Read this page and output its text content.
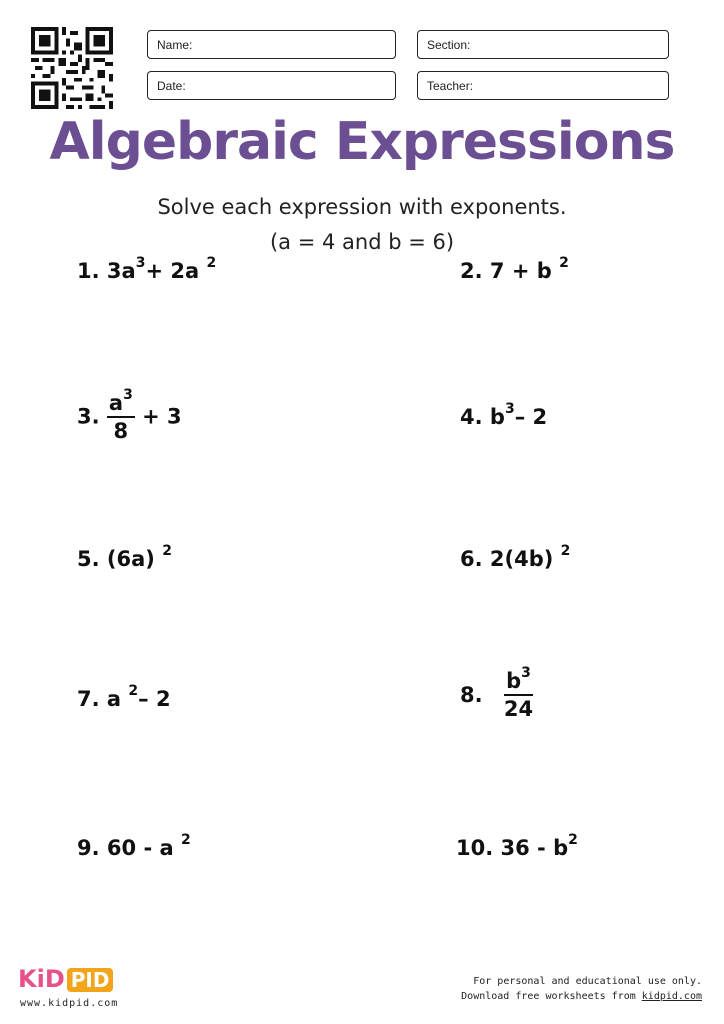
Name:	Section:
Date:	Teacher:
Algebraic Expressions
Solve each expression with exponents.
(a = 4 and b = 6)
1. $3a^3+ 2a$ $^2$	2. 7 + b $^2$
3. $\frac{a^3}{8} + 3$	4. $b^3-$ 2
5. (6a) $^2$	6. 2(4b) $^2$
7. a $^2$– 2	8. $\frac{b^3}{24}$
9. 60 - a $^2$	10. $36 - b^2$
KiD PID
www.kidpid.com
For personal and educational use only.
Download free worksheets from kidpid.com
